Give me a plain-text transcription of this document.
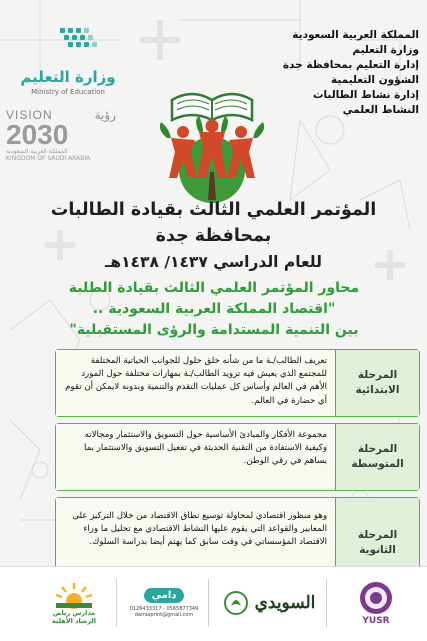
المملكة العربية السعودية
وزارة التعليم
إدارة التعليم بمحافظة جدة
الشؤون التعليمية
إدارة نشاط الطالبات
النشاط العلمي
وزارة التعليم
Ministry of Education
VISION	رؤية
2030
المملكة العربية السعودية
KINGDOM OF SAUDI ARABIA
المؤتمر العلمي الثالث بقيادة الطالبات
بمحافظة جدة
للعام الدراسي ١٤٣٧/ ١٤٣٨هـ
محاور المؤتمر العلمي الثالث بقيادة الطلبة
"اقتصاد المملكة العربية السعودية ..
بين التنمية المستدامة والرؤى المستقبلية"
المرحلة الابتدائية
تعريف الطالب/ـة ما من شأنه خلق حلول للجوانب الحياتية المختلفة للمجتمع الذي يعيش فيه تزويد الطالب/ـة بمهارات مختلفة حول المورد الأهم في العالم وأساس كل عمليات التقدم والتنمية وبدونه لايمكن أن تقوم أي حضارة في العالم.
المرحلة المتوسطة
مجموعة الأفكار والمبادئ الأساسية حول التسويق والاستثمار ومجالاته وكيفية الاستفادة من التقنية الحديثة في تفعيل التسويق والاستثمار بما يساهم في رقي الوطن.
المرحلة الثانوية
وهو منظور اقتصادي لمحاولة توسيع نطاق الاقتصاد من خلال التركيز على المعايير والقواعد التي يقوم عليها النشاط الاقتصادي مع تحليل ما وراء الاقتصاد المؤسساتي في وقت سابق كما يهتم أيضا بدراسة السلوك.
مدارس رياض الرشاد الأهلية
دامي
0126433317 - 0565877349
damiaprint@gmail.com
السويدي
YUSR
